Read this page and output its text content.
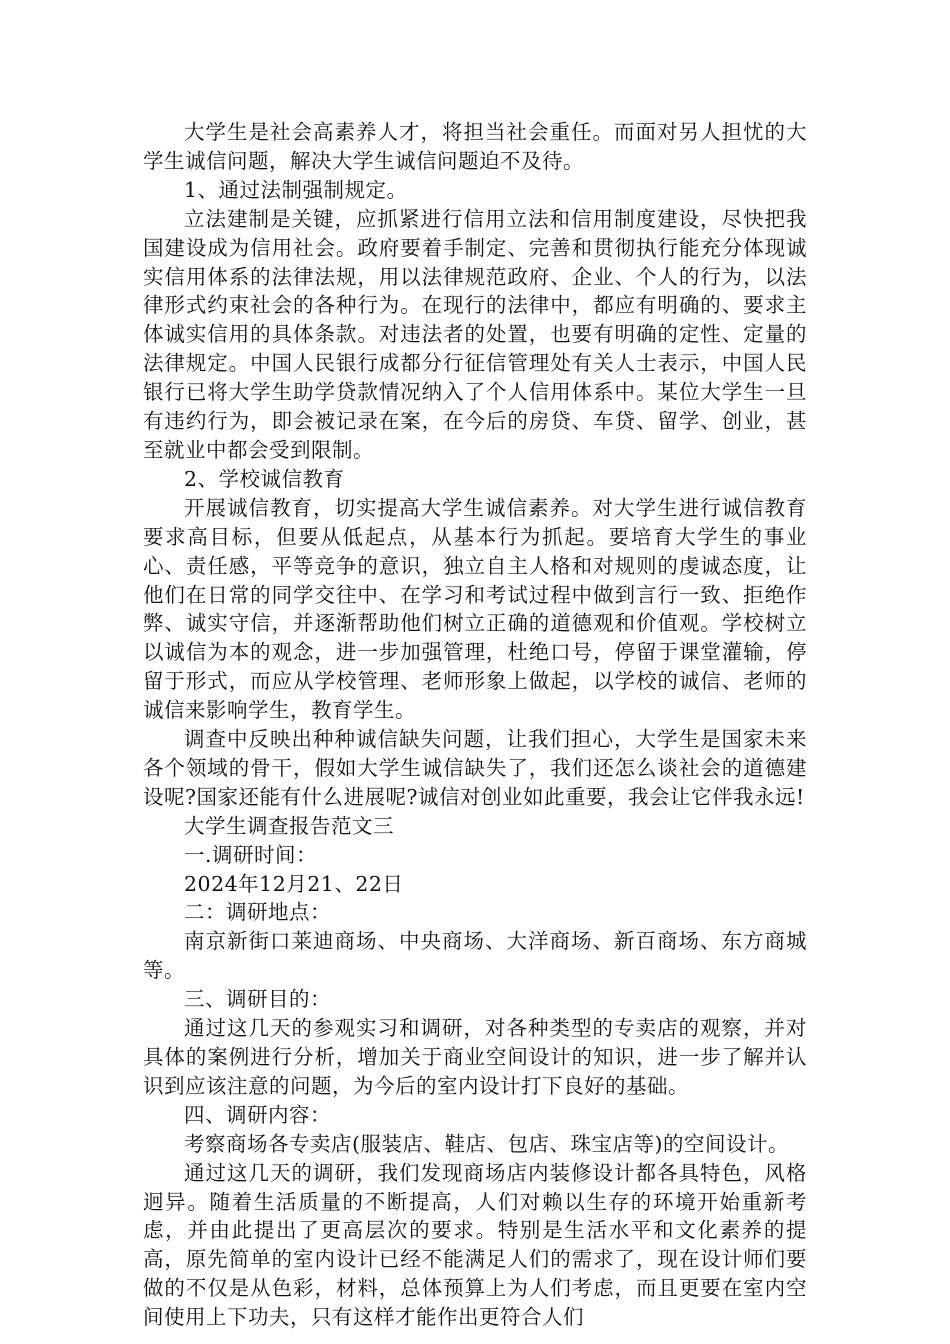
大学生是社会高素养人才，将担当社会重任。而面对另人担忧的大学生诚信问题，解决大学生诚信问题迫不及待。

1、通过法制强制规定。

立法建制是关键，应抓紧进行信用立法和信用制度建设，尽快把我国建设成为信用社会。政府要着手制定、完善和贯彻执行能充分体现诚实信用体系的法律法规，用以法律规范政府、企业、个人的行为，以法律形式约束社会的各种行为。在现行的法律中，都应有明确的、要求主体诚实信用的具体条款。对违法者的处置，也要有明确的定性、定量的法律规定。中国人民银行成都分行征信管理处有关人士表示，中国人民银行已将大学生助学贷款情况纳入了个人信用体系中。某位大学生一旦有违约行为，即会被记录在案，在今后的房贷、车贷、留学、创业，甚至就业中都会受到限制。

2、学校诚信教育

开展诚信教育，切实提高大学生诚信素养。对大学生进行诚信教育要求高目标，但要从低起点，从基本行为抓起。要培育大学生的事业心、责任感，平等竞争的意识，独立自主人格和对规则的虔诚态度，让他们在日常的同学交往中、在学习和考试过程中做到言行一致、拒绝作弊、诚实守信，并逐渐帮助他们树立正确的道德观和价值观。学校树立以诚信为本的观念，进一步加强管理，杜绝口号，停留于课堂灌输，停留于形式，而应从学校管理、老师形象上做起，以学校的诚信、老师的诚信来影响学生，教育学生。

调查中反映出种种诚信缺失问题，让我们担心，大学生是国家未来各个领域的骨干，假如大学生诚信缺失了，我们还怎么谈社会的道德建设呢?国家还能有什么进展呢?诚信对创业如此重要，我会让它伴我永远!

大学生调查报告范文三

一.调研时间：

2024年12月21、22日

二：调研地点：

南京新街口莱迪商场、中央商场、大洋商场、新百商场、东方商城等。

三、调研目的：

通过这几天的参观实习和调研，对各种类型的专卖店的观察，并对具体的案例进行分析，增加关于商业空间设计的知识，进一步了解并认识到应该注意的问题，为今后的室内设计打下良好的基础。

四、调研内容：

考察商场各专卖店(服装店、鞋店、包店、珠宝店等)的空间设计。

通过这几天的调研，我们发现商场店内装修设计都各具特色，风格迥异。随着生活质量的不断提高，人们对赖以生存的环境开始重新考虑，并由此提出了更高层次的要求。特别是生活水平和文化素养的提高，原先简单的室内设计已经不能满足人们的需求了，现在设计师们要做的不仅是从色彩，材料，总体预算上为人们考虑，而且更要在室内空间使用上下功夫，只有这样才能作出更符合人们
